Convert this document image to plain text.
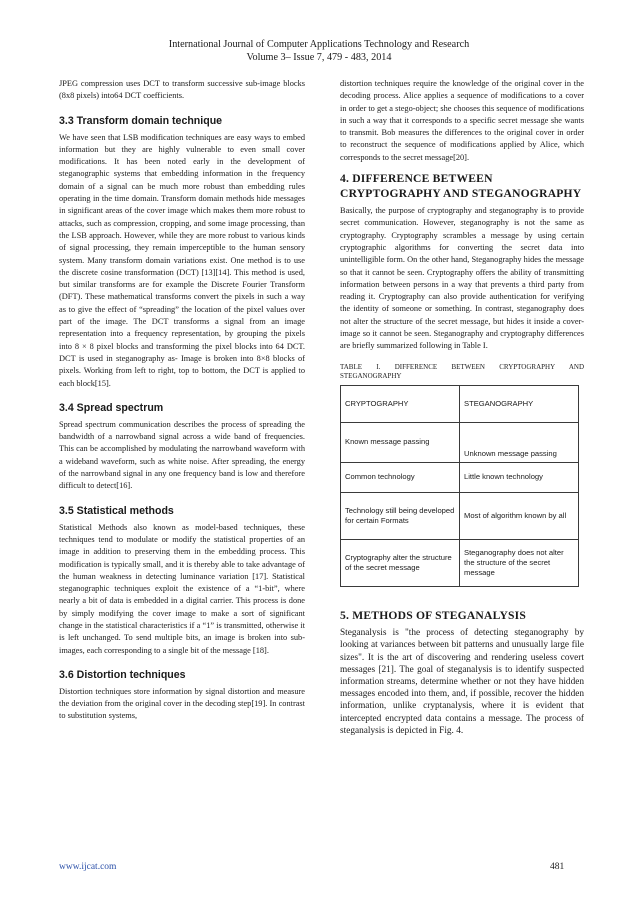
International Journal of Computer Applications Technology and Research
Volume 3– Issue 7, 479 - 483, 2014

JPEG compression uses DCT to transform successive sub-image blocks (8x8 pixels) into64 DCT coefficients.

3.3 Transform domain technique

We have seen that LSB modification techniques are easy ways to embed information but they are highly vulnerable to even small cover modifications. It has been noted early in the development of steganographic systems that embedding information in the frequency domain of a signal can be much more robust than embedding rules operating in the time domain. Transform domain methods hide messages in significant areas of the cover image which makes them more robust to attacks, such as compression, cropping, and some image processing, than the LSB approach. However, while they are more robust to various kinds of signal processing, they remain imperceptible to the human sensory system. Many transform domain variations exist. One method is to use the discrete cosine transformation (DCT) [13][14]. This method is used, but similar transforms are for example the Discrete Fourier Transform (DFT). These mathematical transforms convert the pixels in such a way as to give the effect of “spreading” the location of the pixel values over part of the image. The DCT transforms a signal from an image representation into a frequency representation, by grouping the pixels into 8 × 8 pixel blocks and transforming the pixel blocks into 64 DCT. DCT is used in steganography as- Image is broken into 8×8 blocks of pixels. Working from left to right, top to bottom, the DCT is applied to each block[15].

3.4 Spread spectrum

Spread spectrum communication describes the process of spreading the bandwidth of a narrowband signal across a wide band of frequencies. This can be accomplished by modulating the narrowband waveform with a wideband waveform, such as white noise. After spreading, the energy of the narrowband signal in any one frequency band is low and therefore difficult to detect[16].

3.5 Statistical methods

Statistical Methods also known as model-based techniques, these techniques tend to modulate or modify the statistical properties of an image in addition to preserving them in the embedding process. This modification is typically small, and it is thereby able to take advantage of the human weakness in detecting luminance variation [17]. Statistical steganographic techniques exploit the existence of a “1-bit”, where nearly a bit of data is embedded in a digital carrier. This process is done by simply modifying the cover image to make a sort of significant change in the statistical characteristics if a “1” is transmitted, otherwise it is left unchanged. To send multiple bits, an image is broken into sub-images, each corresponding to a single bit of the message [18].

3.6 Distortion techniques

Distortion techniques store information by signal distortion and measure the deviation from the original cover in the decoding step[19]. In contrast to substitution systems,

distortion techniques require the knowledge of the original cover in the decoding process. Alice applies a sequence of modifications to a cover in order to get a stego-object; she chooses this sequence of modifications in such a way that it corresponds to a specific secret message she wants to transmit. Bob measures the differences to the original cover in order to reconstruct the sequence of modifications applied by Alice, which corresponds to the secret message[20].

4. DIFFERENCE BETWEEN CRYPTOGRAPHY AND STEGANOGRAPHY

Basically, the purpose of cryptography and steganography is to provide secret communication. However, steganography is not the same as cryptography. Cryptography scrambles a message by using certain cryptographic algorithms for converting the secret data into unintelligible form. On the other hand, Steganography hides the message so that it cannot be seen. Cryptography offers the ability of transmitting information between persons in a way that prevents a third party from reading it. Cryptography can also provide authentication for verifying the identity of someone or something. In contrast, steganography does not alter the structure of the secret message, but hides it inside a cover-image so it cannot be seen. Steganography and cryptography differences are briefly summarized following in Table I.

TABLE I. DIFFERENCE BETWEEN CRYPTOGRAPHY AND STEGANOGRAPHY
CRYPTOGRAPHY	STEGANOGRAPHY
Known message passing	Unknown message passing
Common technology	Little known technology
Technology still being developed for certain Formats	Most of algorithm known by all
Cryptography alter the structure of the secret message	Steganography does not alter the structure of the secret message
5. METHODS OF STEGANALYSIS

Steganalysis is "the process of detecting steganography by looking at variances between bit patterns and unusually large file sizes". It is the art of discovering and rendering useless covert messages [21]. The goal of steganalysis is to identify suspected information streams, determine whether or not they have hidden messages encoded into them, and, if possible, recover the hidden information, unlike cryptanalysis, where it is evident that intercepted encrypted data contains a message. The process of steganalysis is depicted in Fig. 4.

www.ijcat.com	481
